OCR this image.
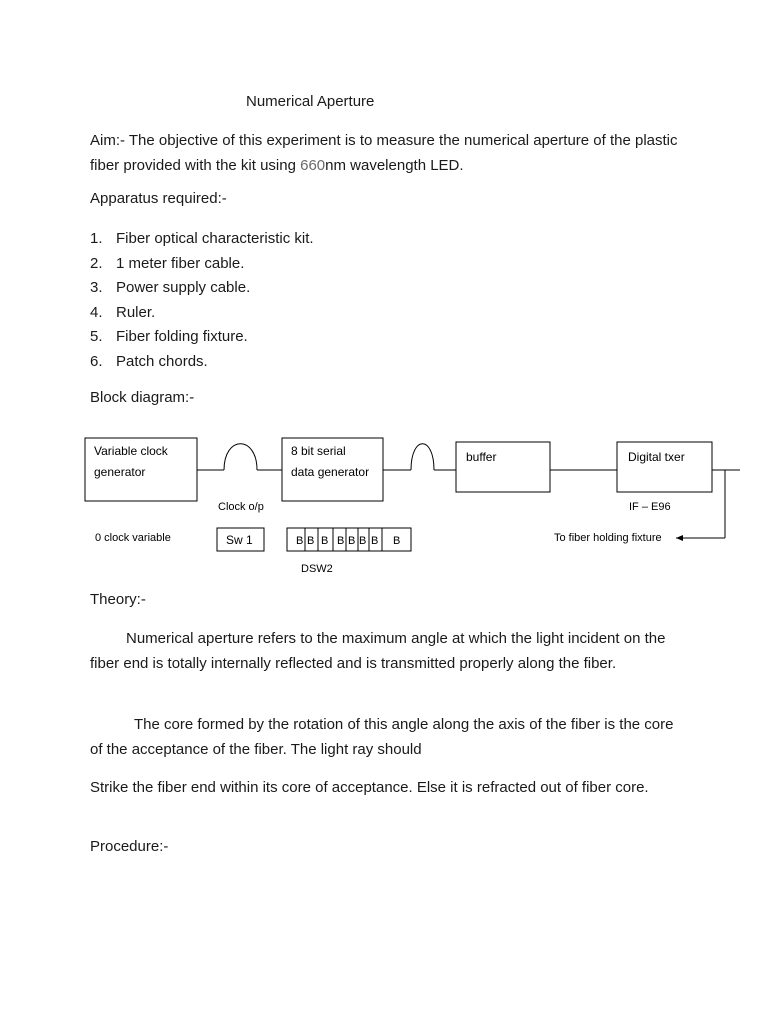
Numerical Aperture
Aim:- The objective of this experiment is to measure the numerical aperture of the plastic fiber provided with the kit using 660nm wavelength LED.
Apparatus required:-
1. Fiber optical characteristic kit.
2. 1 meter fiber cable.
3. Power supply cable.
4. Ruler.
5. Fiber folding fixture.
6. Patch chords.
Block diagram:-
Variable clock
generator
8 bit serial
data generator
buffer	Digital txer
Clock o/p	IF – E96
0 clock variable	Sw 1	B B B B B B B B
DSW2
To fiber holding fixture
Theory:-
Numerical aperture refers to the maximum angle at which the light incident on the fiber end is totally internally reflected and is transmitted properly along the fiber.
The core formed by the rotation of this angle along the axis of the fiber is the core of the acceptance of the fiber. The light ray should
Strike the fiber end within its core of acceptance. Else it is refracted out of fiber core.
Procedure:-
